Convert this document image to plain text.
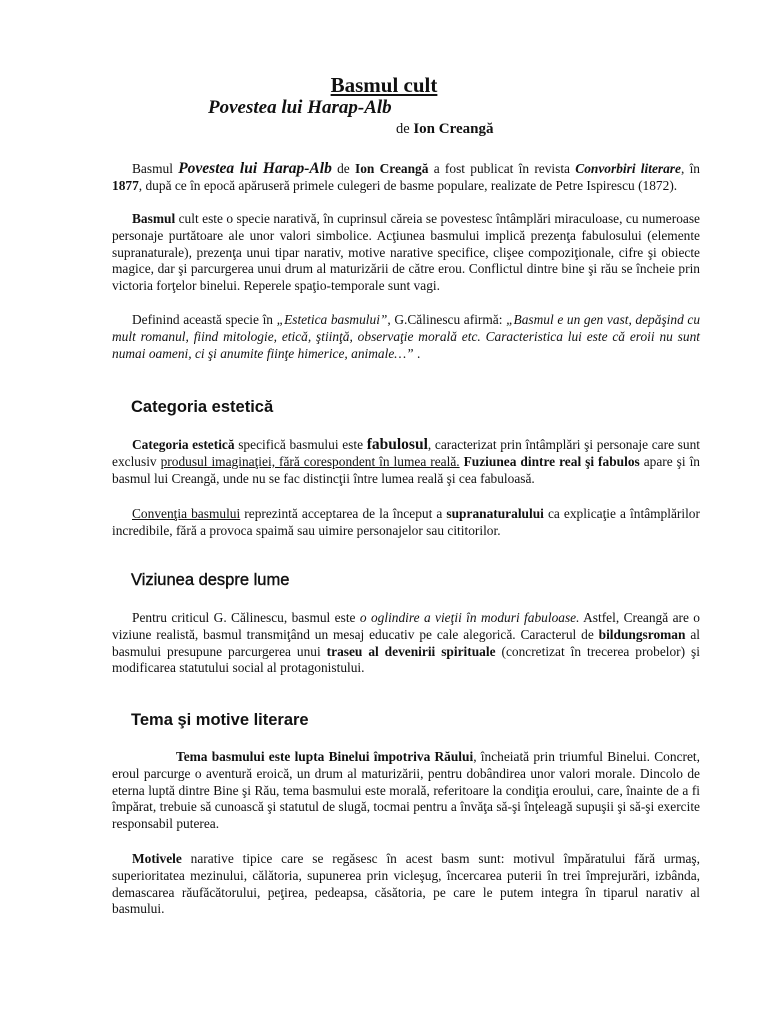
Basmul cult
Povestea lui Harap-Alb
de Ion Creangă

Basmul Povestea lui Harap-Alb de Ion Creangă a fost publicat în revista Convorbiri literare, în 1877, după ce în epocă apăruseră primele culegeri de basme populare, realizate de Petre Ispirescu (1872).

Basmul cult este o specie narativă, în cuprinsul căreia se povestesc întâmplări miraculoase, cu numeroase personaje purtătoare ale unor valori simbolice. Acţiunea basmului implică prezenţa fabulosului (elemente supranaturale), prezenţa unui tipar narativ, motive narative specifice, clişee compoziţionale, cifre şi obiecte magice, dar şi parcurgerea unui drum al maturizării de către erou. Conflictul dintre bine şi rău se încheie prin victoria forţelor binelui. Reperele spaţio-temporale sunt vagi.

Definind această specie în „Estetica basmului”, G.Călinescu afirmă: „Basmul e un gen vast, depăşind cu mult romanul, fiind mitologie, etică, ştiinţă, observaţie morală etc. Caracteristica lui este că eroii nu sunt numai oameni, ci şi anumite fiinţe himerice, animale…” .

Categoria estetică

Categoria estetică specifică basmului este fabulosul, caracterizat prin întâmplări şi personaje care sunt exclusiv produsul imaginaţiei, fără corespondent în lumea reală. Fuziunea dintre real şi fabulos apare şi în basmul lui Creangă, unde nu se fac distincţii între lumea reală şi cea fabuloasă.

Convenţia basmului reprezintă acceptarea de la început a supranaturalului ca explicaţie a întâmplărilor incredibile, fără a provoca spaimă sau uimire personajelor sau cititorilor.

Viziunea despre lume

Pentru criticul G. Călinescu, basmul este o oglindire a vieţii în moduri fabuloase. Astfel, Creangă are o viziune realistă, basmul transmiţând un mesaj educativ pe cale alegorică. Caracterul de bildungsroman al basmului presupune parcurgerea unui traseu al devenirii spirituale (concretizat în trecerea probelor) şi modificarea statutului social al protagonistului.

Tema şi motive literare

Tema basmului este lupta Binelui împotriva Răului, încheiată prin triumful Binelui. Concret, eroul parcurge o aventură eroică, un drum al maturizării, pentru dobândirea unor valori morale. Dincolo de eterna luptă dintre Bine şi Rău, tema basmului este morală, referitoare la condiţia eroului, care, înainte de a fi împărat, trebuie să cunoască şi statutul de slugă, tocmai pentru a învăţa să-şi înţeleagă supuşii şi să-şi exercite responsabil puterea.

Motivele narative tipice care se regăsesc în acest basm sunt: motivul împăratului fără urmaş, superioritatea mezinului, călătoria, supunerea prin vicleşug, încercarea puterii în trei împrejurări, izbânda, demascarea răufăcătorului, peţirea, pedeapsa, căsătoria, pe care le putem integra în tiparul narativ al basmului.
